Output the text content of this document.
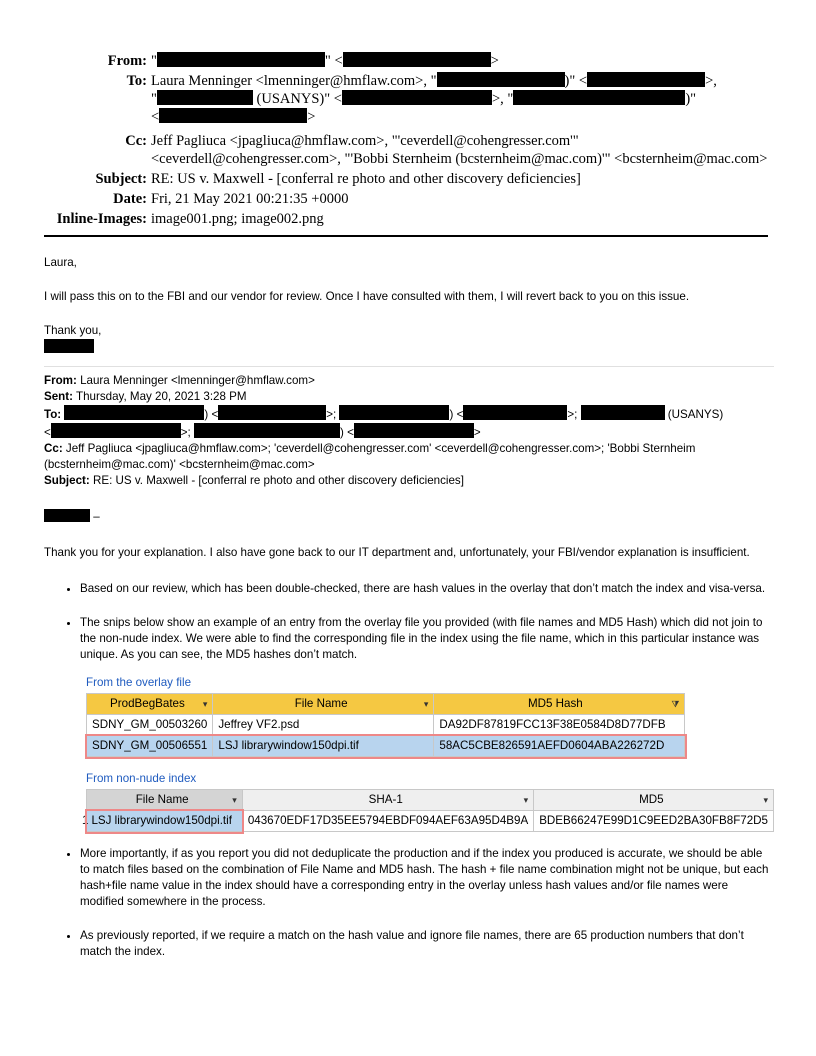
From: "	" <	>
To: Laura Menninger <lmenninger@hmflaw.com>, "	)" <	>,
"	(USANYS)" <	>, "	)"
<	>
Cc: Jeff Pagliuca <jpagliuca@hmflaw.com>, "'ceverdell@cohengresser.com'"
<ceverdell@cohengresser.com>, "'Bobbi Sternheim (bcsternheim@mac.com)'" <bcsternheim@mac.com>
Subject: RE: US v. Maxwell - [conferral re photo and other discovery deficiencies]
Date: Fri, 21 May 2021 00:21:35 +0000
Inline-Images: image001.png; image002.png

Laura,

I will pass this on to the FBI and our vendor for review. Once I have consulted with them, I will revert back to you on this issue.

Thank you,

From: Laura Menninger <lmenninger@hmflaw.com>

Sent: Thursday, May 20, 2021 3:28 PM

To:	) <	>;	) <	>;	(USANYS)
<	>;	) <	>

Cc: Jeff Pagliuca <jpagliuca@hmflaw.com>; 'ceverdell@cohengresser.com' <ceverdell@cohengresser.com>; 'Bobbi Sternheim (bcsternheim@mac.com)' <bcsternheim@mac.com>

Subject: RE: US v. Maxwell - [conferral re photo and other discovery deficiencies]

–

Thank you for your explanation. I also have gone back to our IT department and, unfortunately, your FBI/vendor explanation is insufficient.

• Based on our review, which has been double-checked, there are hash values in the overlay that don’t match the index and visa-versa.
• The snips below show an example of an entry from the overlay file you provided (with file names and MD5 Hash) which did not join to the non-nude index. We were able to find the corresponding file in the index using the file name, which in this particular instance was unique. As you can see, the MD5 hashes don’t match.
From the overlay file
ProdBegBates ▾	File Name ▾	MD5 Hash ⧩

SDNY_GM_00503260	Jeffrey VF2.psd	DA92DF87819FCC13F38E0584D8D77DFB
SDNY_GM_00506551	LSJ librarywindow150dpi.tif	58AC5CBE826591AEFD0604ABA226272D
From non-nude index
File Name ▾	SHA-1 ▾	MD5 ▾

1 LSJ librarywindow150dpi.tif	043670EDF17D35EE5794EBDF094AEF63A95D4B9A	BDEB66247E99D1C9EED2BA30FB8F72D5
• More importantly, if as you report you did not deduplicate the production and if the index you produced is accurate, we should be able to match files based on the combination of File Name and MD5 hash. The hash + file name combination might not be unique, but each hash+file name value in the index should have a corresponding entry in the overlay unless hash values and/or file names were modified somewhere in the process.
• As previously reported, if we require a match on the hash value and ignore file names, there are 65 production numbers that don’t match the index.
